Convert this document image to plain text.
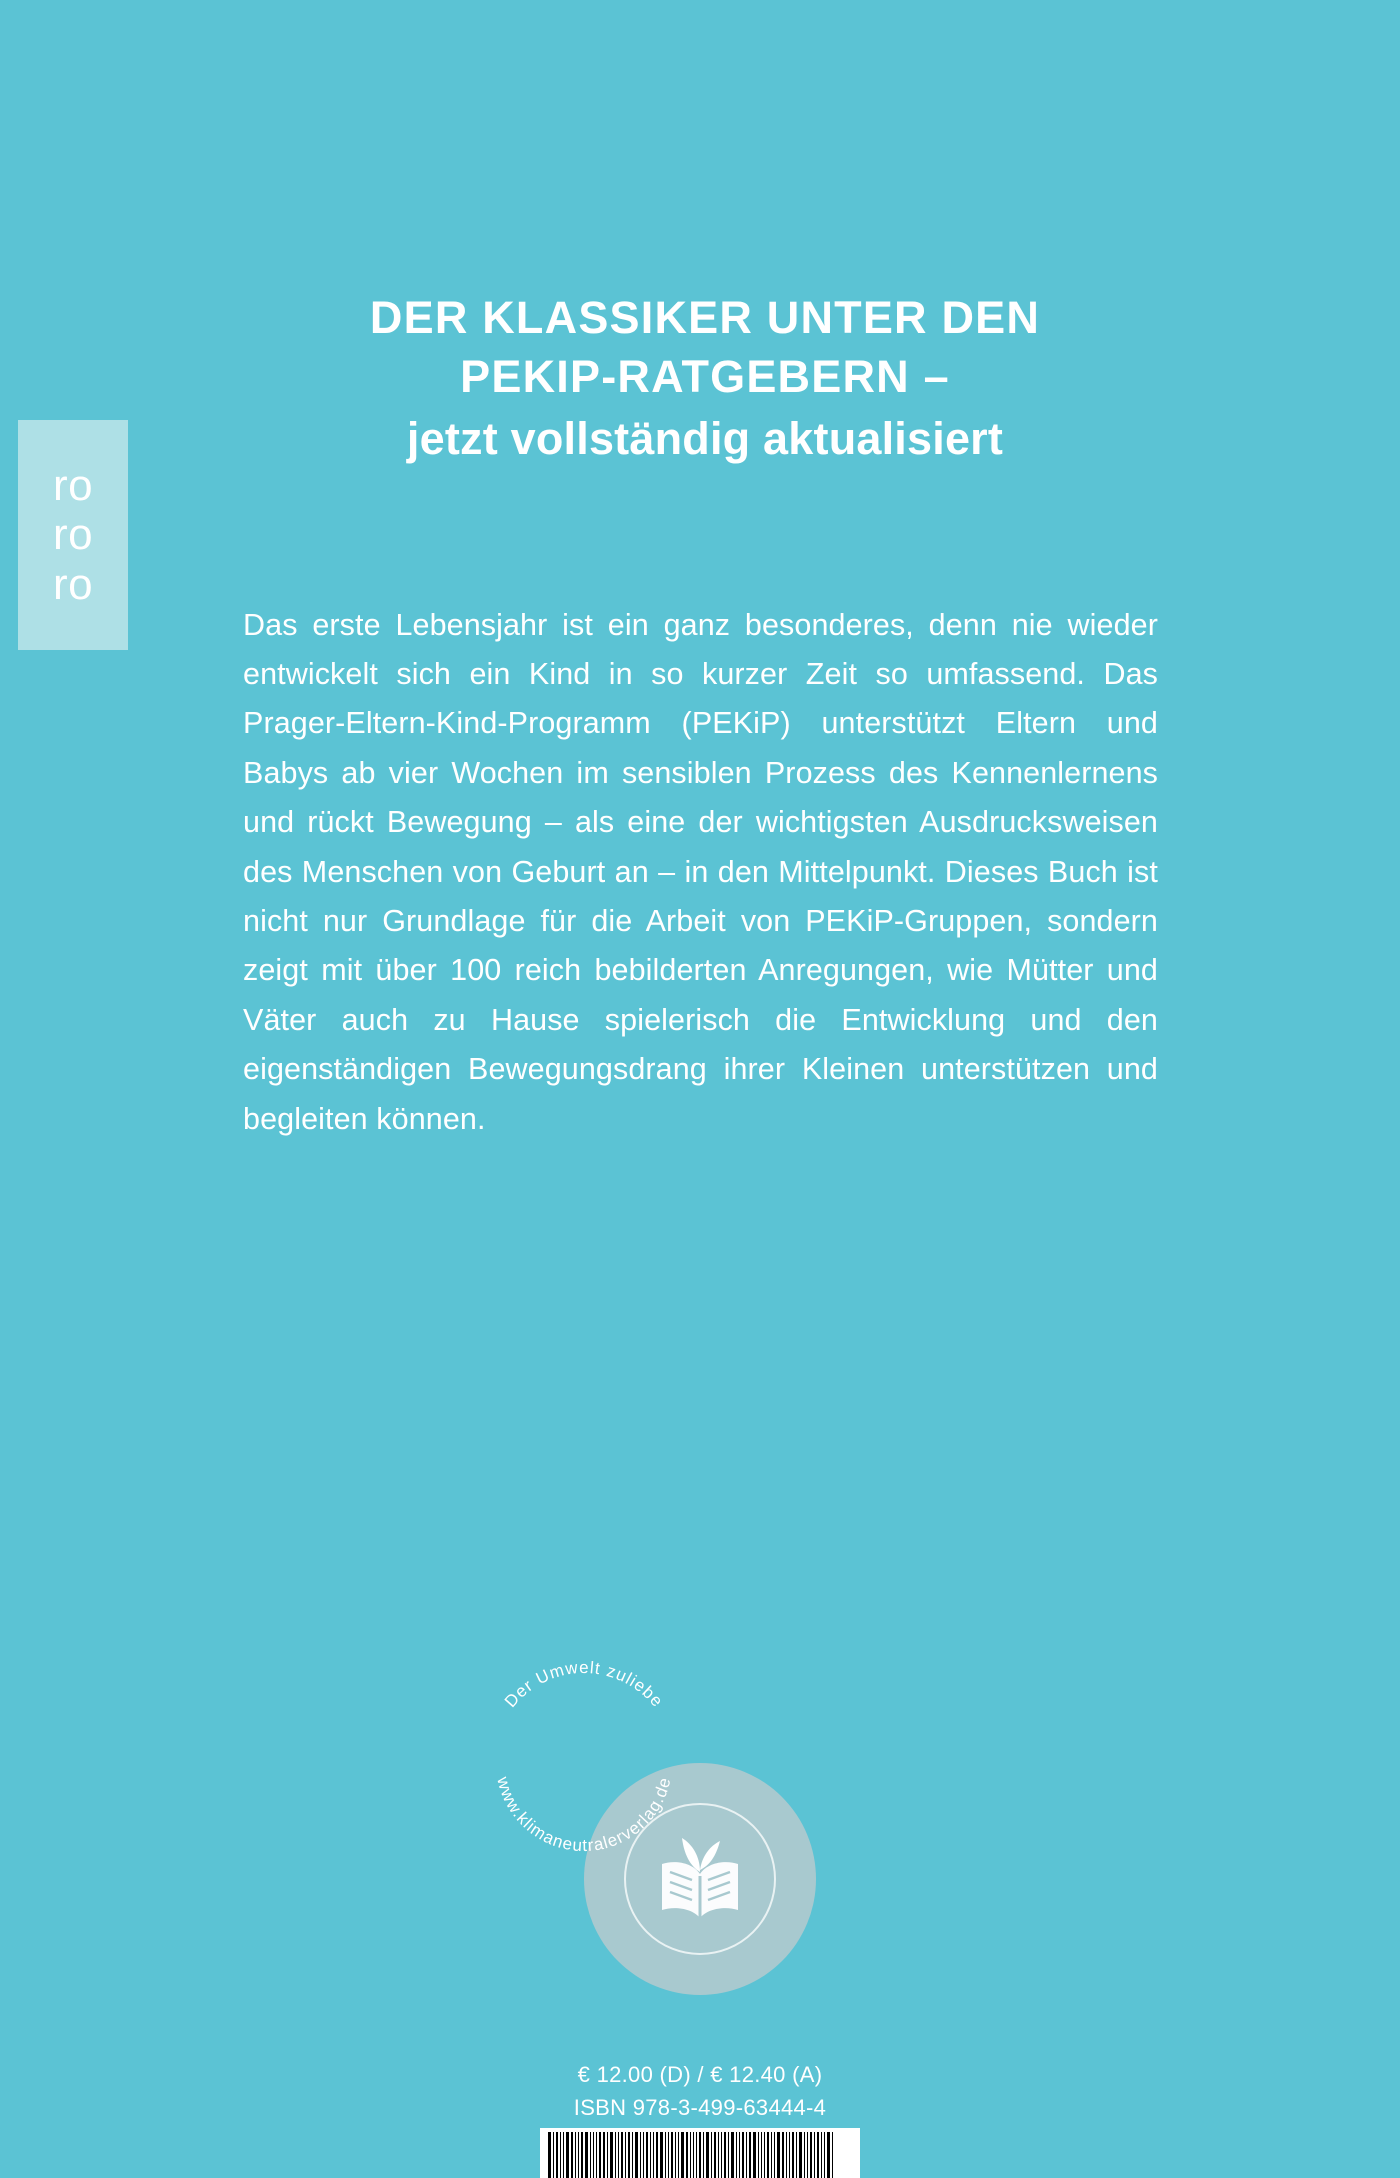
ro
ro
ro
DER KLASSIKER UNTER DEN
PEKIP-RATGEBERN –
jetzt vollständig aktualisiert

Das erste Lebensjahr ist ein ganz besonderes, denn nie wieder entwickelt sich ein Kind in so kurzer Zeit so umfassend. Das Prager-Eltern-Kind-Programm (PEKiP) unterstützt Eltern und Babys ab vier Wochen im sensiblen Prozess des Kennenlernens und rückt Bewegung – als eine der wichtigsten Ausdrucksweisen des Menschen von Geburt an – in den Mittelpunkt. Dieses Buch ist nicht nur Grundlage für die Arbeit von PEKiP-Gruppen, sondern zeigt mit über 100 reich bebilderten Anregungen, wie Mütter und Väter auch zu Hause spielerisch die Entwicklung und den eigenständigen Bewegungsdrang ihrer Kleinen unterstützen und begleiten können.

Der Umwelt zuliebe
www.klimaneutralerverlag.de
€ 12.00 (D) / € 12.40 (A)
ISBN 978-3-499-63444-4
